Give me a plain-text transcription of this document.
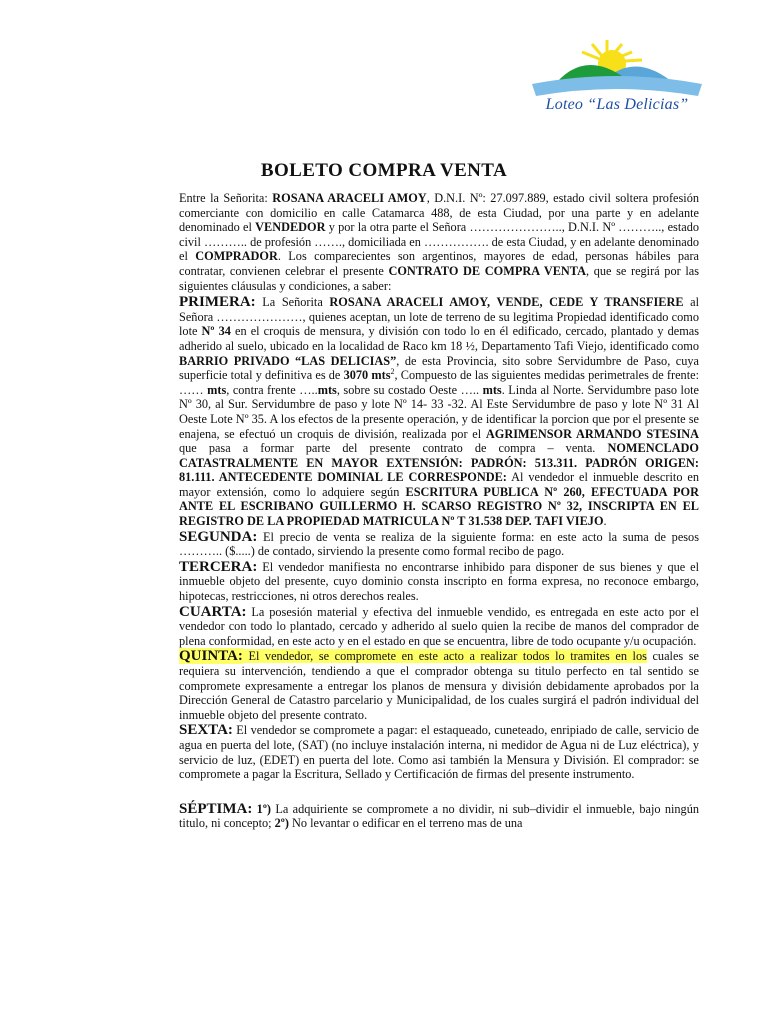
Loteo “Las Delicias”
BOLETO COMPRA VENTA

Entre la Señorita: ROSANA ARACELI AMOY, D.N.I. Nº: 27.097.889, estado civil soltera profesión comerciante con domicilio en calle Catamarca 488, de esta Ciudad, por una parte y en adelante denominado el VENDEDOR y por la otra parte el Señora ………………….., D.N.I. Nº ……….., estado civil ……….. de profesión ……., domiciliada en ……………. de esta Ciudad, y en adelante denominado el COMPRADOR. Los comparecientes son argentinos, mayores de edad, personas hábiles para contratar, convienen celebrar el presente CONTRATO DE COMPRA VENTA, que se regirá por las siguientes cláusulas y condiciones, a saber:

PRIMERA: La Señorita ROSANA ARACELI AMOY, VENDE, CEDE Y TRANSFIERE al Señora …………………, quienes aceptan, un lote de terreno de su legitima Propiedad identificado como lote Nº 34 en el croquis de mensura, y división con todo lo en él edificado, cercado, plantado y demas adherido al suelo, ubicado en la localidad de Raco km 18 ½, Departamento Tafi Viejo, identificado como BARRIO PRIVADO “LAS DELICIAS”, de esta Provincia, sito sobre Servidumbre de Paso, cuya superficie total y definitiva es de 3070 mts$^2$, Compuesto de las siguientes medidas perimetrales de frente: …… mts, contra frente …..mts, sobre su costado Oeste ….. mts. Linda al Norte. Servidumbre paso lote Nº 30, al Sur. Servidumbre de paso y lote Nº 14- 33 -32. Al Este Servidumbre de paso y lote Nº 31 Al Oeste Lote Nº 35. A los efectos de la presente operación, y de identificar la porcion que por el presente se enajena, se efectuó un croquis de división, realizada por el AGRIMENSOR ARMANDO STESINA que pasa a formar parte del presente contrato de compra – venta. NOMENCLADO CATASTRALMENTE EN MAYOR EXTENSIÓN: PADRÓN: 513.311. PADRÓN ORIGEN: 81.111. ANTECEDENTE DOMINIAL LE CORRESPONDE: Al vendedor el inmueble descrito en mayor extensión, como lo adquiere según ESCRITURA PUBLICA Nº 260, EFECTUADA POR ANTE EL ESCRIBANO GUILLERMO H. SCARSO REGISTRO Nº 32, INSCRIPTA EN EL REGISTRO DE LA PROPIEDAD MATRICULA Nº T 31.538 DEP. TAFI VIEJO.

SEGUNDA: El precio de venta se realiza de la siguiente forma: en este acto la suma de pesos ……….. ($.....) de contado, sirviendo la presente como formal recibo de pago.

TERCERA: El vendedor manifiesta no encontrarse inhibido para disponer de sus bienes y que el inmueble objeto del presente, cuyo dominio consta inscripto en forma expresa, no reconoce embargo, hipotecas, restricciones, ni otros derechos reales.

CUARTA: La posesión material y efectiva del inmueble vendido, es entregada en este acto por el vendedor con todo lo plantado, cercado y adherido al suelo quien la recibe de manos del comprador de plena conformidad, en este acto y en el estado en que se encuentra, libre de todo ocupante y/u ocupación.

QUINTA: El vendedor, se compromete en este acto a realizar todos lo tramites en los cuales se requiera su intervención, tendiendo a que el comprador obtenga su titulo perfecto en tal sentido se compromete expresamente a entregar los planos de mensura y división debidamente aprobados por la Dirección General de Catastro parcelario y Municipalidad, de los cuales surgirá el padrón individual del inmueble objeto del presente contrato.

SEXTA: El vendedor se compromete a pagar: el estaqueado, cuneteado, enripiado de calle, servicio de agua en puerta del lote, (SAT) (no incluye instalación interna, ni medidor de Agua ni de Luz eléctrica), y servicio de luz, (EDET) en puerta del lote. Como asi también la Mensura y División. El comprador: se compromete a pagar la Escritura, Sellado y Certificación de firmas del presente instrumento.

SÉPTIMA: 1º) La adquiriente se compromete a no dividir, ni sub–dividir el inmueble, bajo ningún titulo, ni concepto; 2º) No levantar o edificar en el terreno mas de una
